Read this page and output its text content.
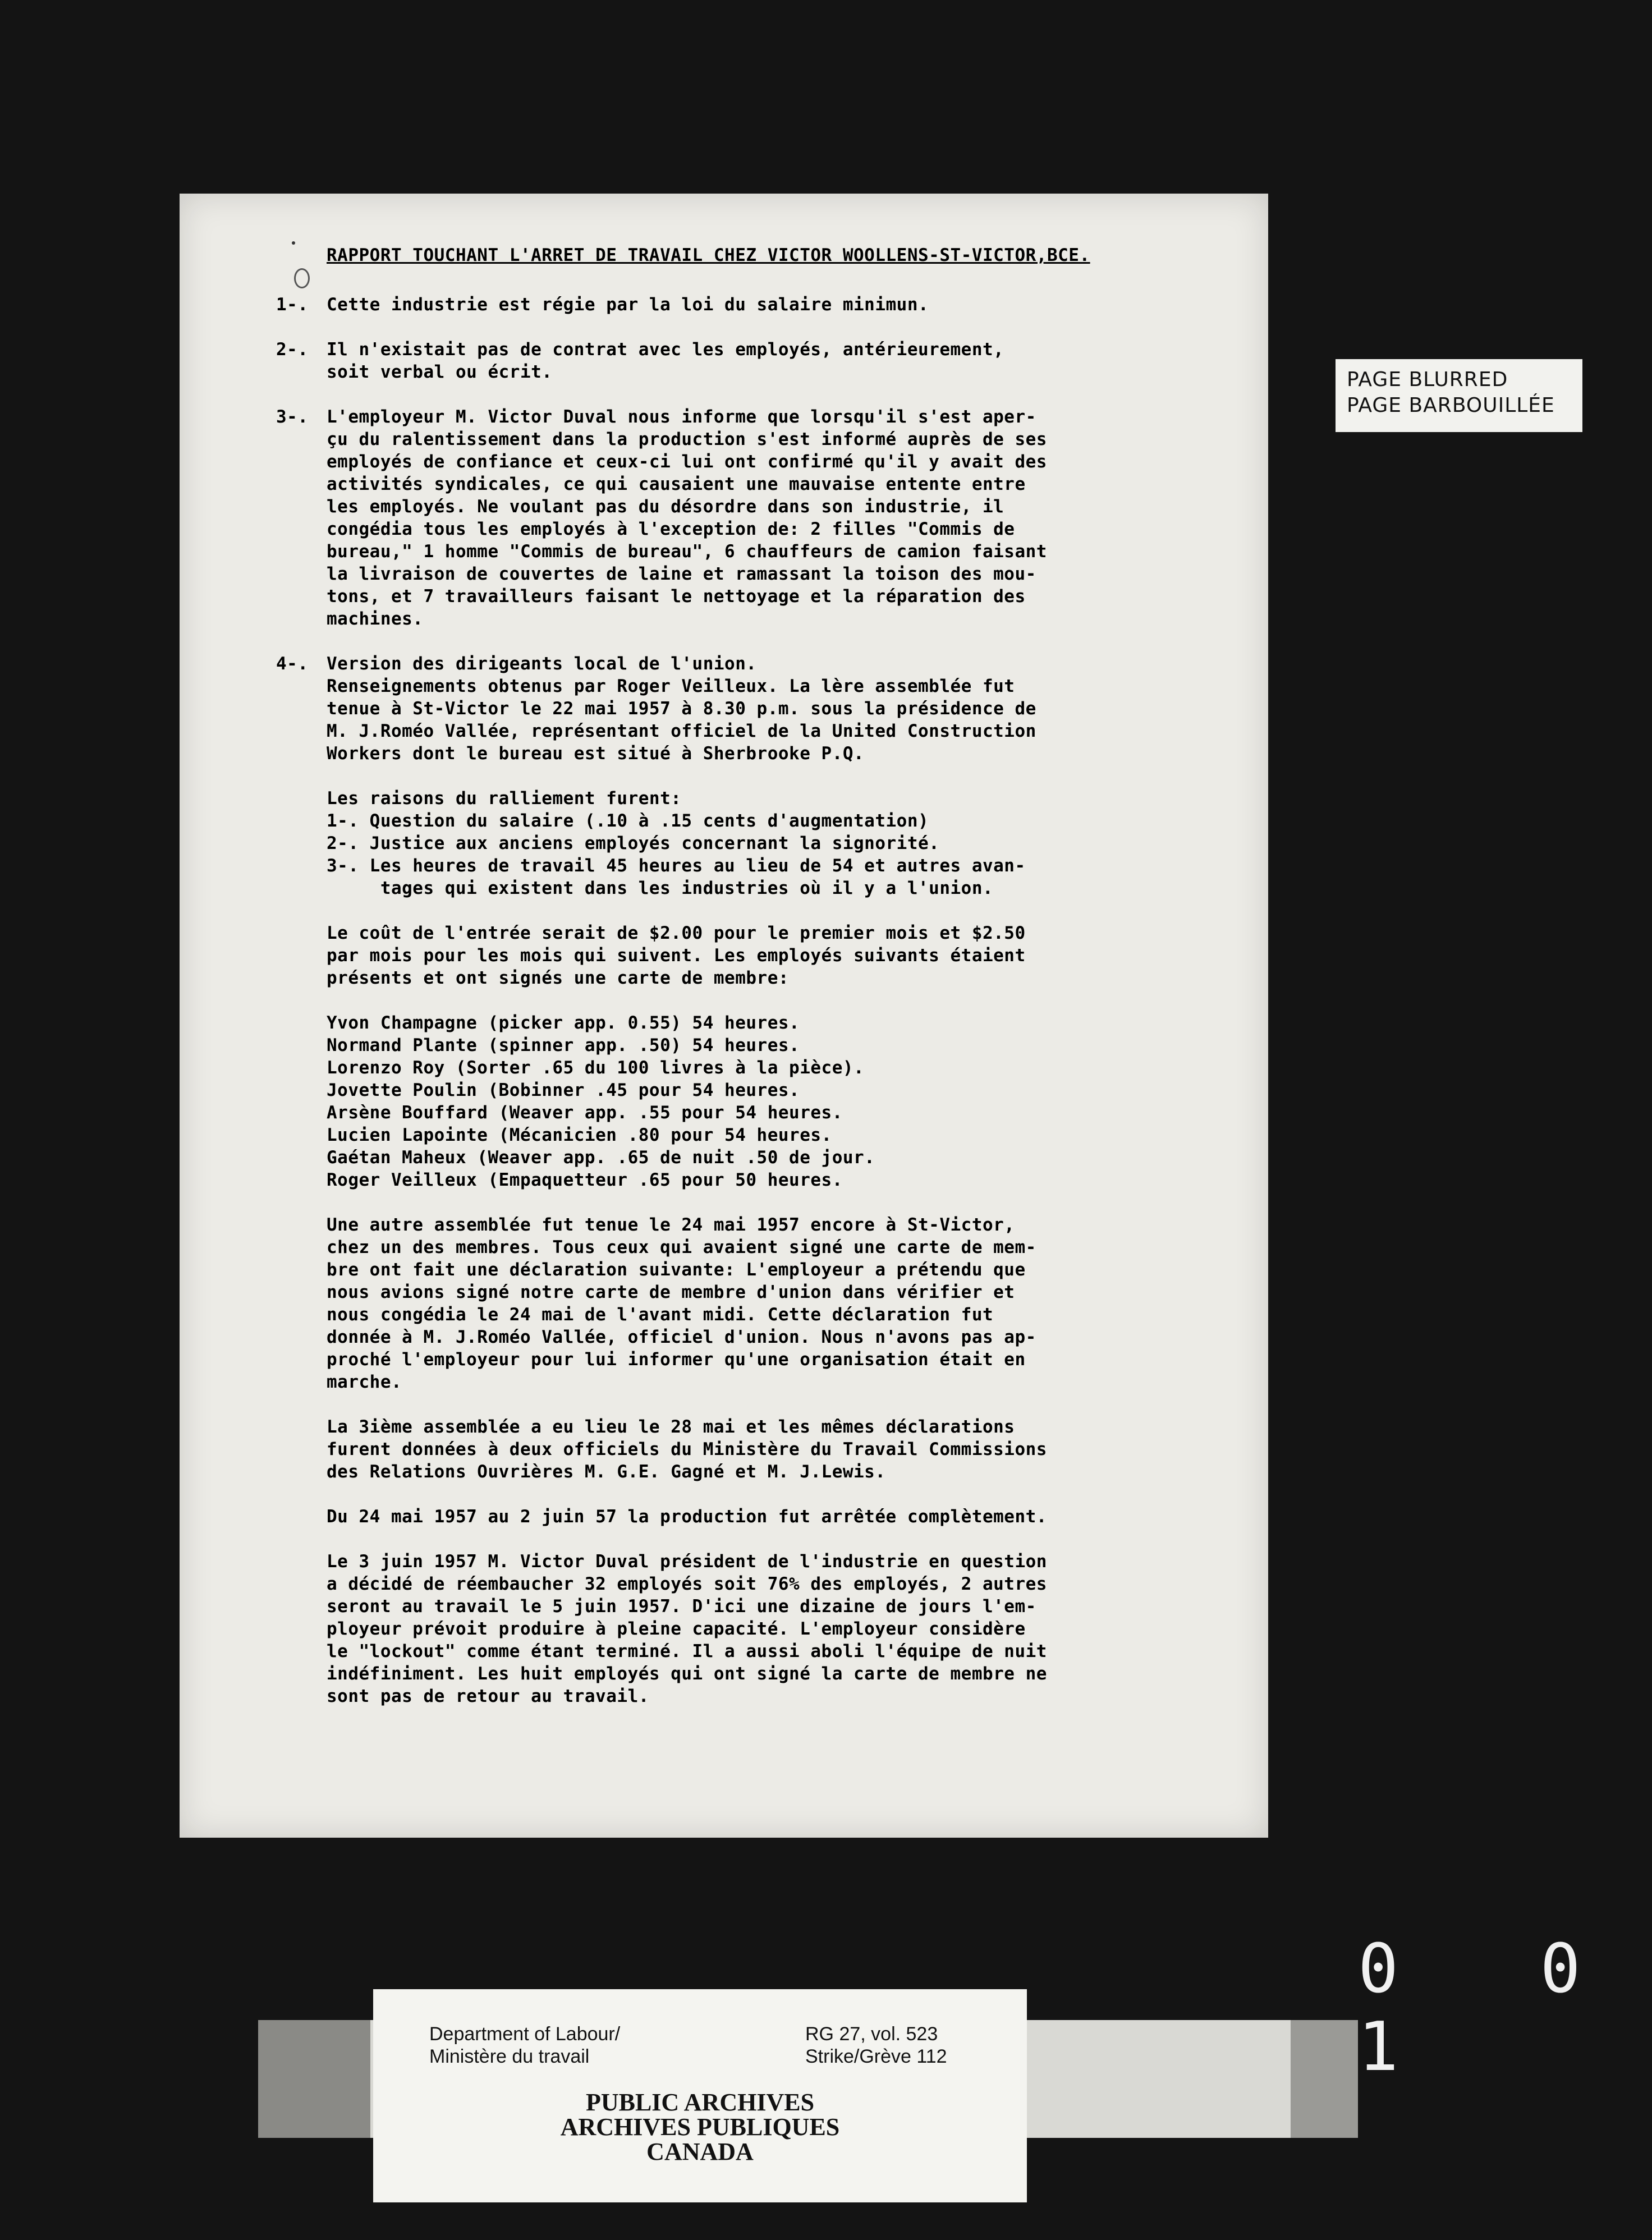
RAPPORT TOUCHANT L'ARRET DE TRAVAIL CHEZ VICTOR WOOLLENS-ST-VICTOR,BCE.
1-.	Cette industrie est régie par la loi du salaire minimun.
2-.	Il n'existait pas de contrat avec les employés, antérieurement,
soit verbal ou écrit.
3-.	L'employeur M. Victor Duval nous informe que lorsqu'il s'est aper-
çu du ralentissement dans la production s'est informé auprès de ses
employés de confiance et ceux-ci lui ont confirmé qu'il y avait des
activités syndicales, ce qui causaient une mauvaise entente entre
les employés. Ne voulant pas du désordre dans son industrie, il
congédia tous les employés à l'exception de: 2 filles "Commis de
bureau," 1 homme "Commis de bureau", 6 chauffeurs de camion faisant
la livraison de couvertes de laine et ramassant la toison des mou-
tons, et 7 travailleurs faisant le nettoyage et la réparation des
machines.
4-.	Version des dirigeants local de l'union.
Renseignements obtenus par Roger Veilleux. La lère assemblée fut
tenue à St-Victor le 22 mai 1957 à 8.30 p.m. sous la présidence de
M. J.Roméo Vallée, représentant officiel de la United Construction
Workers dont le bureau est situé à Sherbrooke P.Q.
Les raisons du ralliement furent:
1-. Question du salaire (.10 à .15 cents d'augmentation)
2-. Justice aux anciens employés concernant la signorité.
3-. Les heures de travail 45 heures au lieu de 54 et autres avan-
tages qui existent dans les industries où il y a l'union.
Le coût de l'entrée serait de $2.00 pour le premier mois et $2.50
par mois pour les mois qui suivent. Les employés suivants étaient
présents et ont signés une carte de membre:
Yvon Champagne (picker app. 0.55) 54 heures.
Normand Plante (spinner app. .50) 54 heures.
Lorenzo Roy (Sorter .65 du 100 livres à la pièce).
Jovette Poulin (Bobinner .45 pour 54 heures.
Arsène Bouffard (Weaver app. .55 pour 54 heures.
Lucien Lapointe (Mécanicien .80 pour 54 heures.
Gaétan Maheux (Weaver app. .65 de nuit .50 de jour.
Roger Veilleux (Empaquetteur .65 pour 50 heures.
Une autre assemblée fut tenue le 24 mai 1957 encore à St-Victor,
chez un des membres. Tous ceux qui avaient signé une carte de mem-
bre ont fait une déclaration suivante: L'employeur a prétendu que
nous avions signé notre carte de membre d'union dans vérifier et
nous congédia le 24 mai de l'avant midi. Cette déclaration fut
donnée à M. J.Roméo Vallée, officiel d'union. Nous n'avons pas ap-
proché l'employeur pour lui informer qu'une organisation était en
marche.
La 3ième assemblée a eu lieu le 28 mai et les mêmes déclarations
furent données à deux officiels du Ministère du Travail Commissions
des Relations Ouvrières M. G.E. Gagné et M. J.Lewis.
Du 24 mai 1957 au 2 juin 57 la production fut arrêtée complètement.
Le 3 juin 1957 M. Victor Duval président de l'industrie en question
a décidé de réembaucher 32 employés soit 76% des employés, 2 autres
seront au travail le 5 juin 1957. D'ici une dizaine de jours l'em-
ployeur prévoit produire à pleine capacité. L'employeur considère
le "lockout" comme étant terminé. Il a aussi aboli l'équipe de nuit
indéfiniment. Les huit employés qui ont signé la carte de membre ne
sont pas de retour au travail.
PAGE BLURRED
PAGE BARBOUILLÉE
0 0 1
Department of Labour/
Ministère du travail
RG 27, vol. 523
Strike/Grève 112
PUBLIC ARCHIVES
ARCHIVES PUBLIQUES
CANADA
